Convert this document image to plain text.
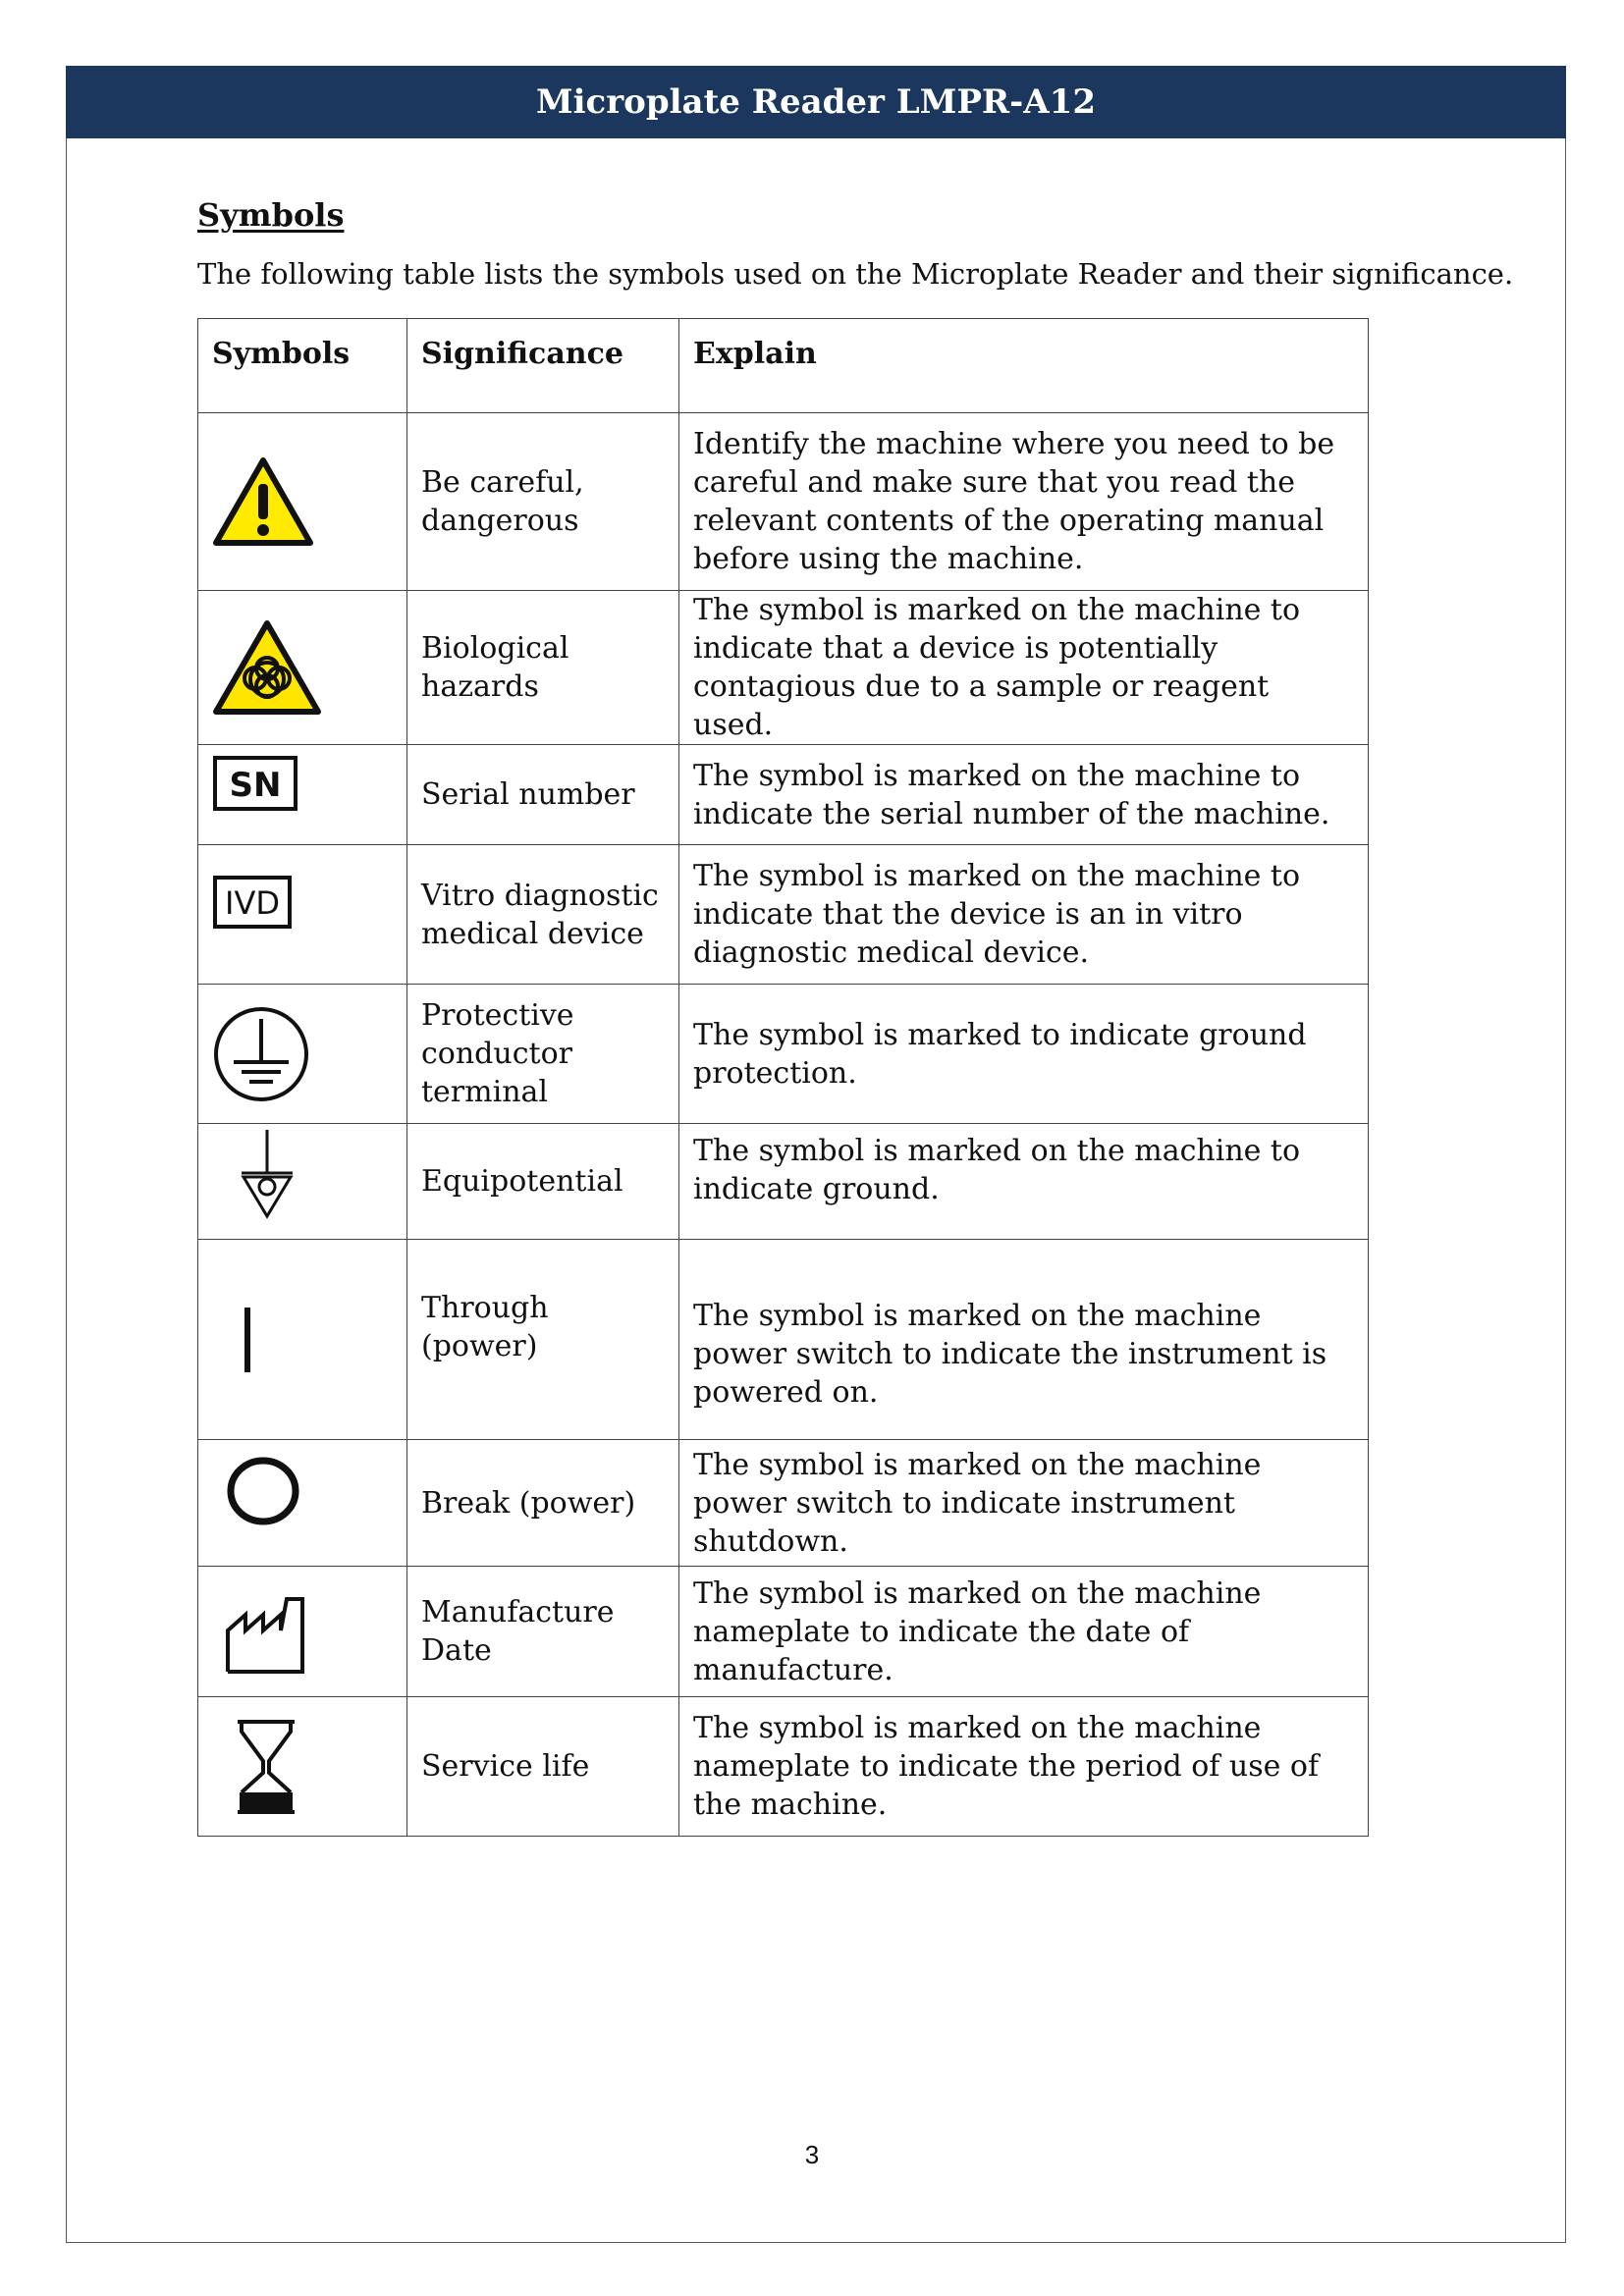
Microplate Reader LMPR-A12
Symbols
The following table lists the symbols used on the Microplate Reader and their significance.
Symbols	Significance	Explain

	Be careful, dangerous	Identify the machine where you need to be careful and make sure that you read the relevant contents of the operating manual before using the machine.

	Biological hazards	The symbol is marked on the machine to indicate that a device is potentially contagious due to a sample or reagent used.

SN	Serial number	The symbol is marked on the machine to indicate the serial number of the machine.

IVD	Vitro diagnostic medical device	The symbol is marked on the machine to indicate that the device is an in vitro diagnostic medical device.

	Protective conductor terminal	The symbol is marked to indicate ground protection.

	Equipotential	The symbol is marked on the machine to indicate ground.

	Through (power)	The symbol is marked on the machine power switch to indicate the instrument is powered on.

	Break (power)	The symbol is marked on the machine power switch to indicate instrument shutdown.

	Manufacture Date	The symbol is marked on the machine nameplate to indicate the date of manufacture.

	Service life	The symbol is marked on the machine nameplate to indicate the period of use of the machine.
3
